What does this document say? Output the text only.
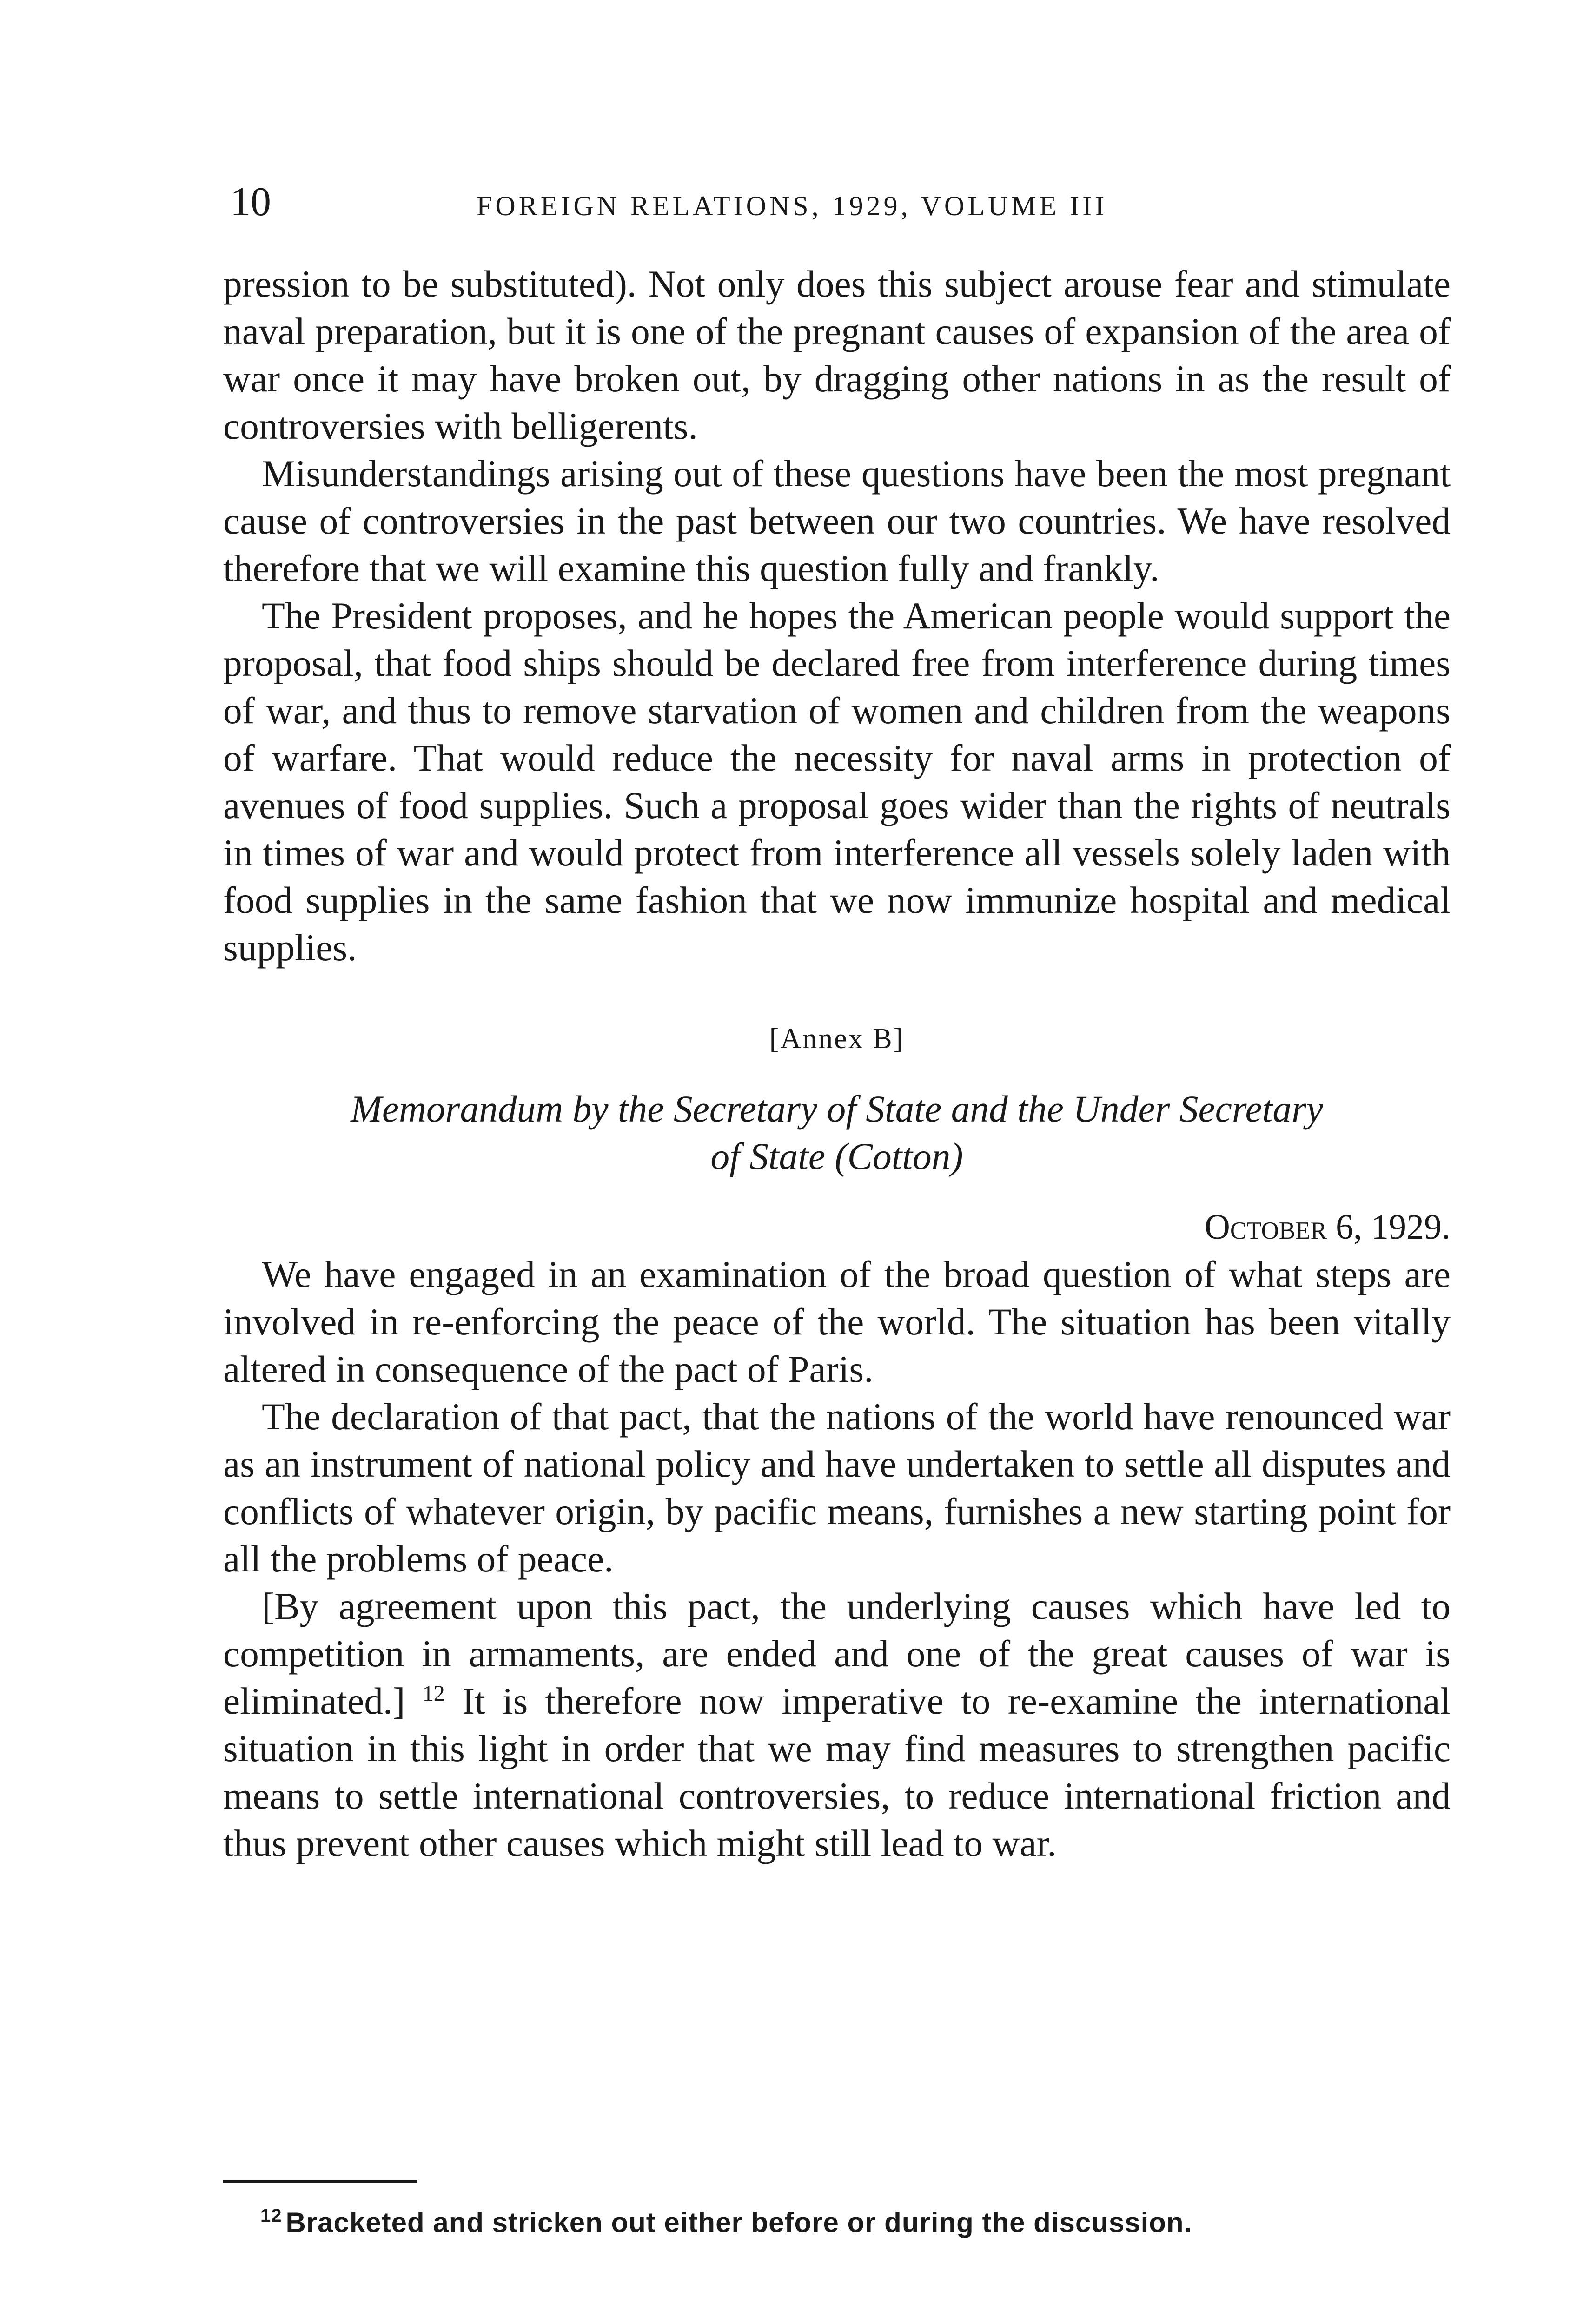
10	FOREIGN RELATIONS, 1929, VOLUME III

pression to be substituted). Not only does this subject arouse fear and stimulate naval preparation, but it is one of the pregnant causes of expansion of the area of war once it may have broken out, by dragging other nations in as the result of controversies with belligerents.

Misunderstandings arising out of these questions have been the most pregnant cause of controversies in the past between our two countries. We have resolved therefore that we will examine this question fully and frankly.

The President proposes, and he hopes the American people would support the proposal, that food ships should be declared free from interference during times of war, and thus to remove starvation of women and children from the weapons of warfare. That would reduce the necessity for naval arms in protection of avenues of food supplies. Such a proposal goes wider than the rights of neutrals in times of war and would protect from interference all vessels solely laden with food supplies in the same fashion that we now immunize hospital and medical supplies.

[Annex B]

Memorandum by the Secretary of State and the Under Secretary
of State (Cotton)

October 6, 1929.

We have engaged in an examination of the broad question of what steps are involved in re-enforcing the peace of the world. The situation has been vitally altered in consequence of the pact of Paris.

The declaration of that pact, that the nations of the world have renounced war as an instrument of national policy and have undertaken to settle all disputes and conflicts of whatever origin, by pacific means, furnishes a new starting point for all the problems of peace.

[By agreement upon this pact, the underlying causes which have led to competition in armaments, are ended and one of the great causes of war is eliminated.] $^{12}$ It is therefore now imperative to re-examine the international situation in this light in order that we may find measures to strengthen pacific means to settle international controversies, to reduce international friction and thus prevent other causes which might still lead to war.

$^{12}$ Bracketed and stricken out either before or during the discussion.
